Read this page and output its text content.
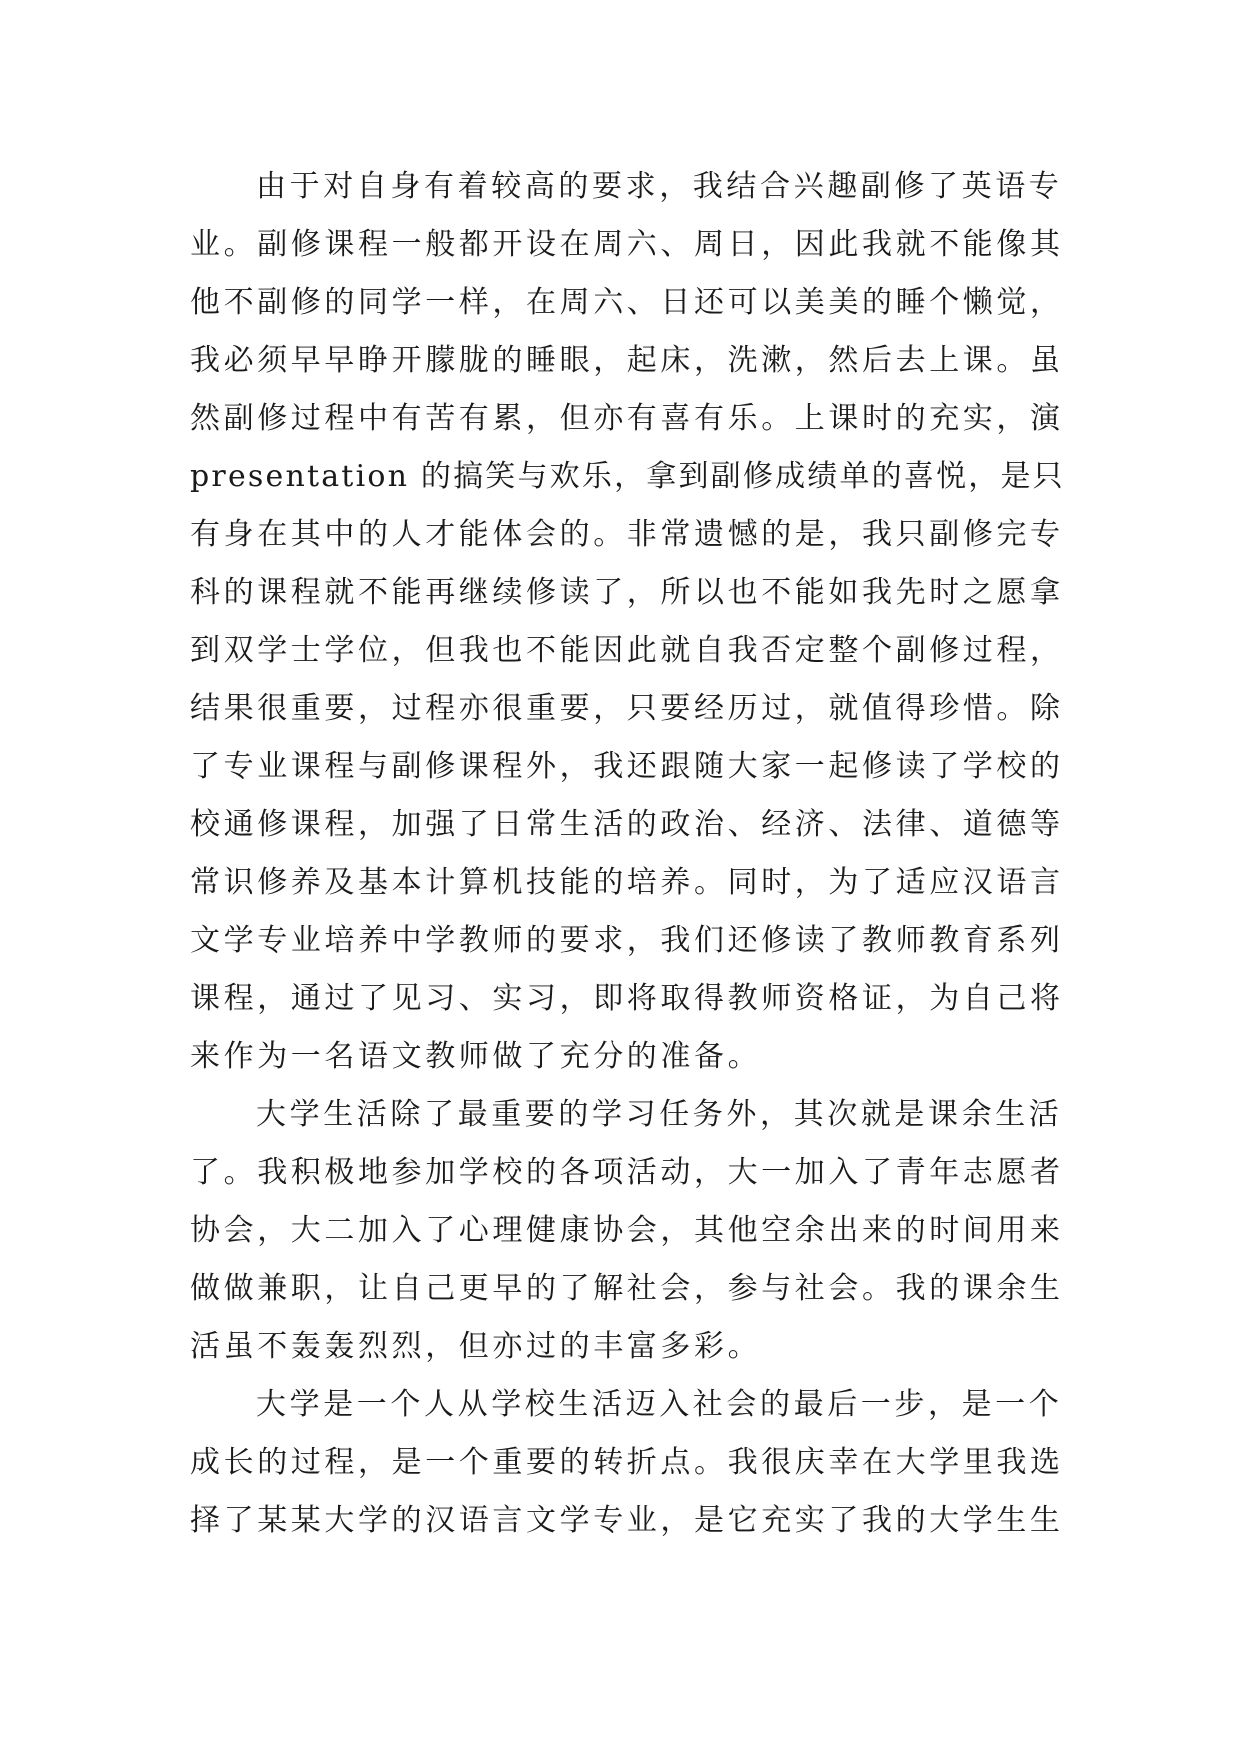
由于对自身有着较高的要求，我结合兴趣副修了英语专
业。副修课程一般都开设在周六、周日，因此我就不能像其
他不副修的同学一样，在周六、日还可以美美的睡个懒觉，
我必须早早睁开朦胧的睡眼，起床，洗漱，然后去上课。虽
然副修过程中有苦有累，但亦有喜有乐。上课时的充实，演
presentation 的搞笑与欢乐，拿到副修成绩单的喜悦，是只
有身在其中的人才能体会的。非常遗憾的是，我只副修完专
科的课程就不能再继续修读了，所以也不能如我先时之愿拿
到双学士学位，但我也不能因此就自我否定整个副修过程，
结果很重要，过程亦很重要，只要经历过，就值得珍惜。除
了专业课程与副修课程外，我还跟随大家一起修读了学校的
校通修课程，加强了日常生活的政治、经济、法律、道德等
常识修养及基本计算机技能的培养。同时，为了适应汉语言
文学专业培养中学教师的要求，我们还修读了教师教育系列
课程，通过了见习、实习，即将取得教师资格证，为自己将
来作为一名语文教师做了充分的准备。
大学生活除了最重要的学习任务外，其次就是课余生活
了。我积极地参加学校的各项活动，大一加入了青年志愿者
协会，大二加入了心理健康协会，其他空余出来的时间用来
做做兼职，让自己更早的了解社会，参与社会。我的课余生
活虽不轰轰烈烈，但亦过的丰富多彩。
大学是一个人从学校生活迈入社会的最后一步，是一个
成长的过程，是一个重要的转折点。我很庆幸在大学里我选
择了某某大学的汉语言文学专业，是它充实了我的大学生生
